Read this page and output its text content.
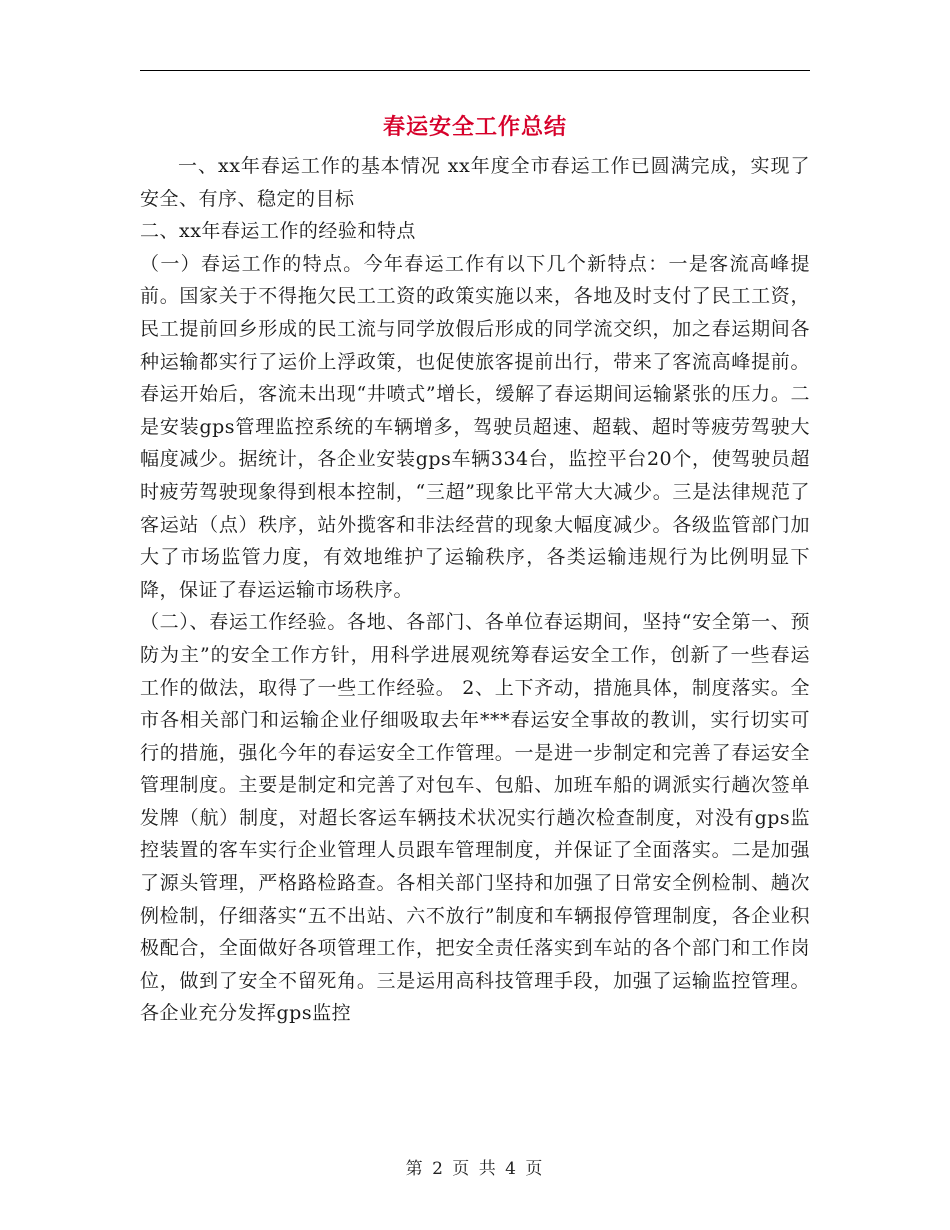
春运安全工作总结

一、xx年春运工作的基本情况 xx年度全市春运工作已圆满完成，实现了安全、有序、稳定的目标

二、xx年春运工作的经验和特点

（一）春运工作的特点。今年春运工作有以下几个新特点：一是客流高峰提前。国家关于不得拖欠民工工资的政策实施以来，各地及时支付了民工工资，民工提前回乡形成的民工流与同学放假后形成的同学流交织，加之春运期间各种运输都实行了运价上浮政策，也促使旅客提前出行，带来了客流高峰提前。春运开始后，客流未出现“井喷式”增长，缓解了春运期间运输紧张的压力。二是安装gps管理监控系统的车辆增多，驾驶员超速、超载、超时等疲劳驾驶大幅度减少。据统计，各企业安装gps车辆334台，监控平台20个，使驾驶员超时疲劳驾驶现象得到根本控制，“三超”现象比平常大大减少。三是法律规范了客运站（点）秩序，站外揽客和非法经营的现象大幅度减少。各级监管部门加大了市场监管力度，有效地维护了运输秩序，各类运输违规行为比例明显下降，保证了春运运输市场秩序。

（二）、春运工作经验。各地、各部门、各单位春运期间，坚持“安全第一、预防为主”的安全工作方针，用科学进展观统筹春运安全工作，创新了一些春运工作的做法，取得了一些工作经验。 2、上下齐动，措施具体，制度落实。全市各相关部门和运输企业仔细吸取去年***春运安全事故的教训，实行切实可行的措施，强化今年的春运安全工作管理。一是进一步制定和完善了春运安全管理制度。主要是制定和完善了对包车、包船、加班车船的调派实行趟次签单发牌（航）制度，对超长客运车辆技术状况实行趟次检查制度，对没有gps监控装置的客车实行企业管理人员跟车管理制度，并保证了全面落实。二是加强了源头管理，严格路检路查。各相关部门坚持和加强了日常安全例检制、趟次例检制，仔细落实“五不出站、六不放行”制度和车辆报停管理制度，各企业积极配合，全面做好各项管理工作，把安全责任落实到车站的各个部门和工作岗位，做到了安全不留死角。三是运用高科技管理手段，加强了运输监控管理。各企业充分发挥gps监控

第 2 页 共 4 页
